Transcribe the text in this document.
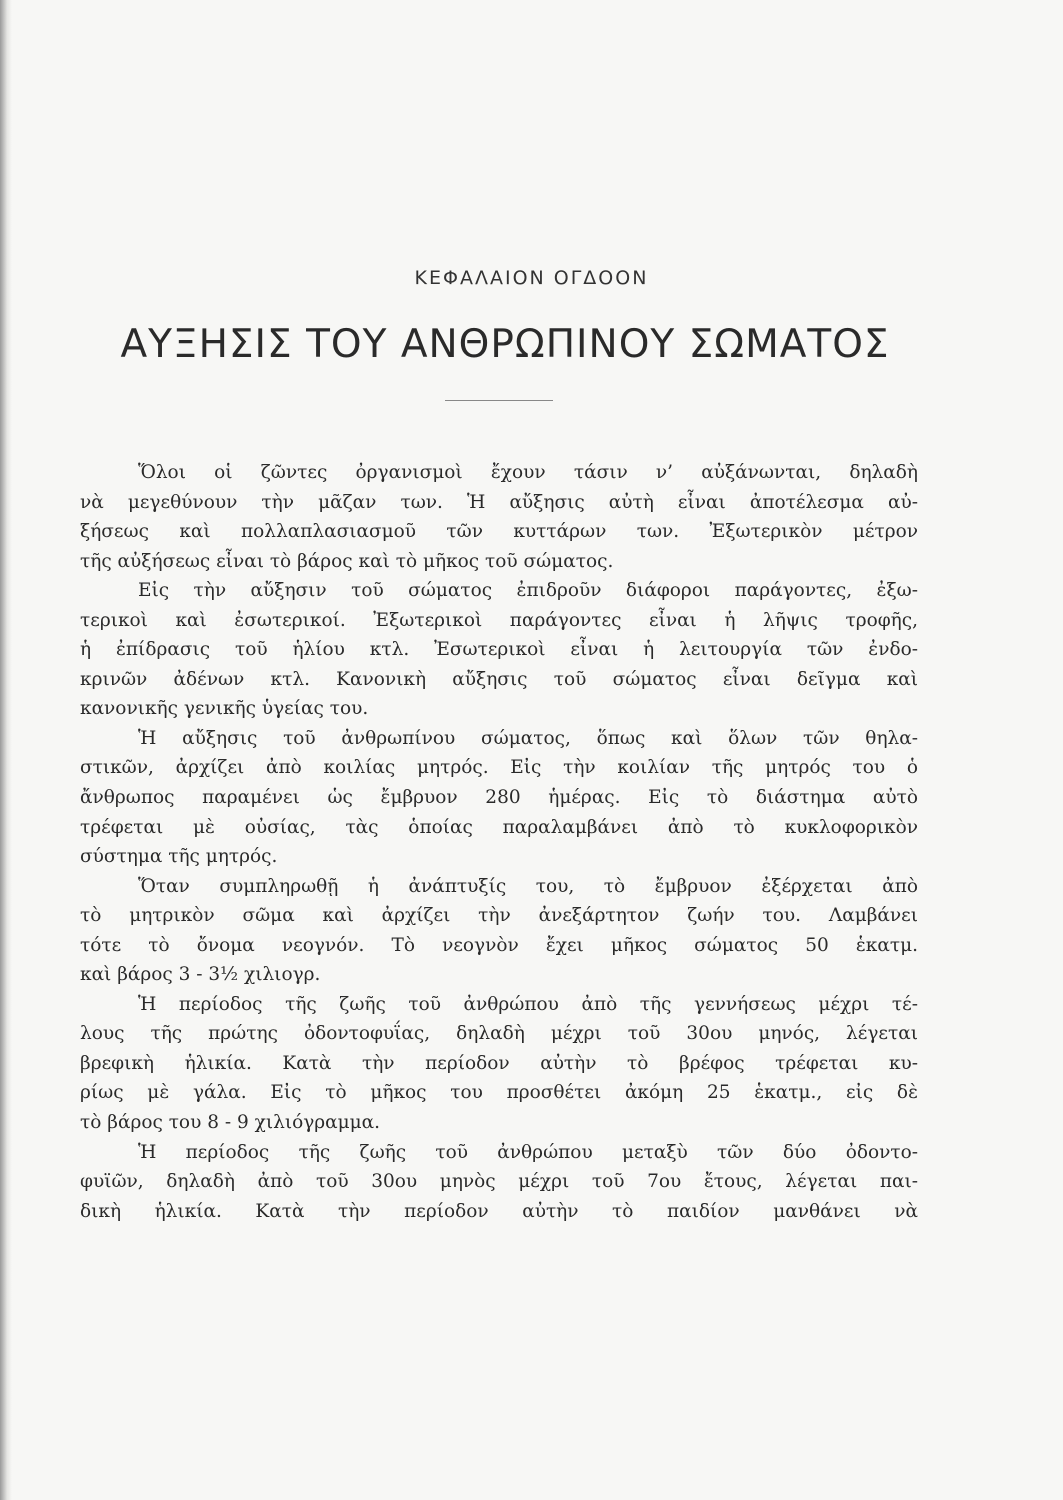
ΚΕΦΑΛΑΙΟΝ ΟΓΔΟΟΝ
ΑΥΞΗΣΙΣ ΤΟΥ ΑΝΘΡΩΠΙΝΟΥ ΣΩΜΑΤΟΣ
Ὅλοι οἱ ζῶντες ὀργανισμοὶ ἔχουν τάσιν ν’ αὐξάνωνται, δηλαδὴ
νὰ μεγεθύνουν τὴν μᾶζαν των. Ἡ αὔξησις αὐτὴ εἶναι ἀποτέλεσμα αὐ-
ξήσεως καὶ πολλαπλασιασμοῦ τῶν κυττάρων των. Ἐξωτερικὸν μέτρον
τῆς αὐξήσεως εἶναι τὸ βάρος καὶ τὸ μῆκος τοῦ σώματος.
Εἰς τὴν αὔξησιν τοῦ σώματος ἐπιδροῦν διάφοροι παράγοντες, ἐξω-
τερικοὶ καὶ ἐσωτερικοί. Ἐξωτερικοὶ παράγοντες εἶναι ἡ λῆψις τροφῆς,
ἡ ἐπίδρασις τοῦ ἡλίου κτλ. Ἐσωτερικοὶ εἶναι ἡ λειτουργία τῶν ἐνδο-
κρινῶν ἀδένων κτλ. Κανονικὴ αὔξησις τοῦ σώματος εἶναι δεῖγμα καὶ
κανονικῆς γενικῆς ὑγείας του.
Ἡ αὔξησις τοῦ ἀνθρωπίνου σώματος, ὅπως καὶ ὅλων τῶν θηλα-
στικῶν, ἀρχίζει ἀπὸ κοιλίας μητρός. Εἰς τὴν κοιλίαν τῆς μητρός του ὁ
ἄνθρωπος παραμένει ὡς ἔμβρυον 280 ἡμέρας. Εἰς τὸ διάστημα αὐτὸ
τρέφεται μὲ οὐσίας, τὰς ὁποίας παραλαμβάνει ἀπὸ τὸ κυκλοφορικὸν
σύστημα τῆς μητρός.
Ὅταν συμπληρωθῇ ἡ ἀνάπτυξίς του, τὸ ἔμβρυον ἐξέρχεται ἀπὸ
τὸ μητρικὸν σῶμα καὶ ἀρχίζει τὴν ἀνεξάρτητον ζωήν του. Λαμβάνει
τότε τὸ ὄνομα νεογνόν. Τὸ νεογνὸν ἔχει μῆκος σώματος 50 ἑκατμ.
καὶ βάρος 3 - 3½ χιλιογρ.
Ἡ περίοδος τῆς ζωῆς τοῦ ἀνθρώπου ἀπὸ τῆς γεννήσεως μέχρι τέ-
λους τῆς πρώτης ὀδοντοφυΐας, δηλαδὴ μέχρι τοῦ 30ου μηνός, λέγεται
βρεφικὴ ἡλικία. Κατὰ τὴν περίοδον αὐτὴν τὸ βρέφος τρέφεται κυ-
ρίως μὲ γάλα. Εἰς τὸ μῆκος του προσθέτει ἀκόμη 25 ἑκατμ., εἰς δὲ
τὸ βάρος του 8 - 9 χιλιόγραμμα.
Ἡ περίοδος τῆς ζωῆς τοῦ ἀνθρώπου μεταξὺ τῶν δύο ὀδοντο-
φυϊῶν, δηλαδὴ ἀπὸ τοῦ 30ου μηνὸς μέχρι τοῦ 7ου ἔτους, λέγεται παι-
δικὴ ἡλικία. Κατὰ τὴν περίοδον αὐτὴν τὸ παιδίον μανθάνει νὰ
